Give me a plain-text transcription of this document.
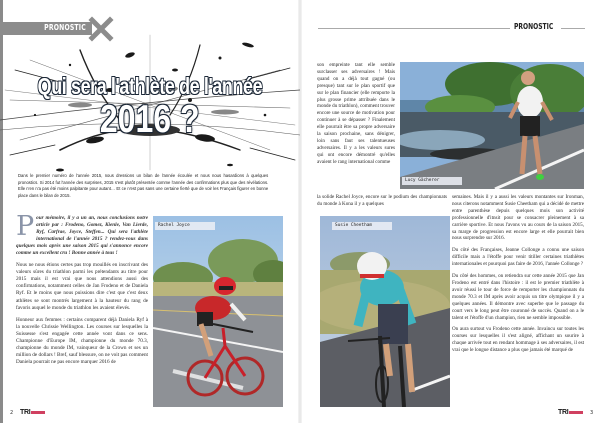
PRONOSTIC
Qui sera l'athlète de l'année
2016 ?
Dans le premier numéro de l'année 2015, nous dressions un bilan de l'année écoulée et nous nous hasardions à quelques pronostics. Si 2014 fut l'année des surprises, 2015 s'est plutôt présentée comme l'année des confirmations plus que des révélations. Elle n'en n'a pas été moins palpitante pour autant… Et ce n'est pas sans une certaine fierté que de voir les Français figurer en bonne place dans le bilan de 2015.

P our mémoire, il y a un an, nous conclusions notre article par : Frodeno, Gomez, Kienle, Van Lierde, Ryf, Carfrae, Joyce, Steffen... Qui sera l'athlète international de l'année 2015 ? rendez-vous dans quelques mois après une saison 2015 qui s'annonce encore comme un excellent cru ! Bonne année à tous !

Nous ne nous étions certes pas trop mouillés en inscrivant des valeurs sûres du triathlon parmi les prétendants au titre pour 2015 mais il est vrai que nous attendions aussi des confirmations, notamment celles de Jan Frodeno et de Daniela Ryf. Et le moins que nous puissions dire c'est que c'est deux athlètes se sont montrés largement à la hauteur du rang de favoris auquel le monde du triathlon les avaient élevés.

Honneur aux femmes : certains comparent déjà Daniela Ryf à la nouvelle Chrissie Wellington. Les courses sur lesquelles la Suissesse s'est engagée cette année vont dans ce sens. Championne d'Europe IM, championne du monde 70.3, championne du monde IM, vainqueur de la Crown et ses un million de dollars ! Bref, sauf blessure, on ne voit pas comment Daniela pourrait ne pas encore marquer 2016 de

Rachel Joyce
2 TRI
PRONOSTIC
son empreinte tant elle semble surclasser ses adversaires ! Mais quand on a déjà tout gagné (ou presque) tant sur le plan sportif que sur le plan financier (elle remporte la plus grosse prime attribuée dans le monde du triathlon), comment trouver encore une source de motivation pour continuer à se dépasser ? Finalement elle pourrait être sa propre adversaire la saison prochaine, sans dénigrer, loin sans faut ses talentueuses adversaires. Il y a les valeurs sures qui ont encore démontré qu'elles avaient le rang international comme
Lucy Gächerer
la solide Rachel Joyce, encore sur le podium des championnats du monde à Kona il y a quelques
Susie Cheetham

semaines. Mais il y a aussi les valeurs montantes sur Ironman, nous citerons notamment Susie Cheetham qui a décidé de mettre entre parenthèse depuis quelques mois son activité professionnelle d'itnsit pour se consacrer pleinement à sa carrière sportive. Et nous l'avons vu au cours de la saison 2015, sa marge de progression est encore large et elle pourrait bien nous surprendre sur 2016.

Du côté des Françaises, Jeanne Collonge a connu une saison difficile mais a l'étoffe pour venir titiller certaines triathlètes internationales et pourquoi pas faire de 2016, l'année Collonge ?

Du côté des hommes, on retiendra sur cette année 2015 que Jan Frodeno est entré dans l'histoire : il est le premier triathlète à avoir réussi le tour de force de remporter les championnats du monde 70.3 et IM après avoir acquis un titre olympique il y a quelques années. Il démontre avec superbe que le passage du court vers le long peut être couronné de succès. Quand on a le talent et l'étoffe d'un champion, rien ne semble impossible.

On aura surtout vu Frodeno cette année. Invaincu sur toutes les courses sur lesquelles il s'est aligné, affichant un sourire à chaque arrivée tout en rendant hommage à ses adversaires, il est vrai que le longue distance a plus que jamais été marqué de

TRI	3
